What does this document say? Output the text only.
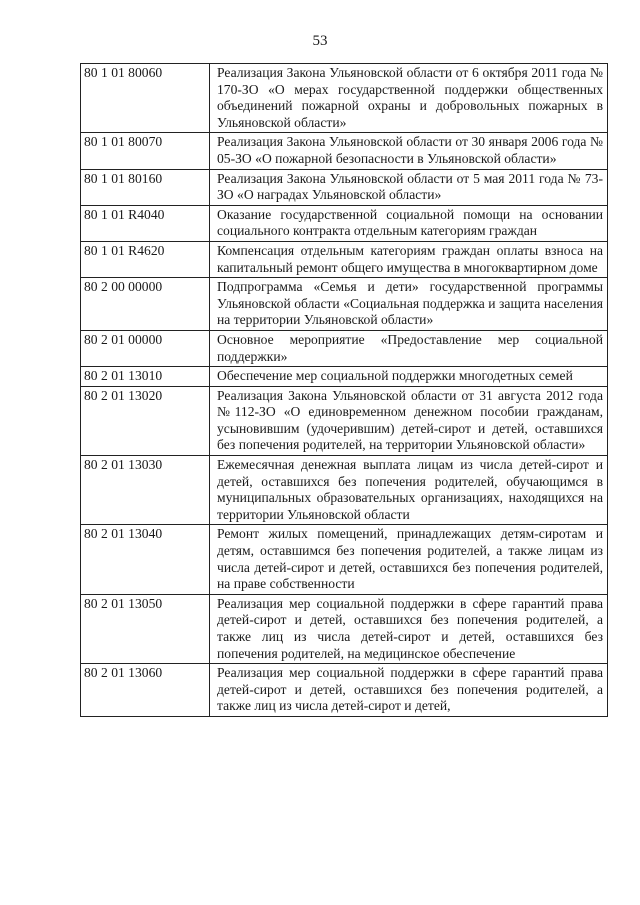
53
80 1 01 80060	Реализация Закона Ульяновской области от 6 октября 2011 года № 170-ЗО «О мерах государственной поддержки общественных объединений пожарной охраны и добровольных пожарных в Ульяновской области»
80 1 01 80070	Реализация Закона Ульяновской области от 30 января 2006 года № 05-ЗО «О пожарной безопасности в Ульяновской области»
80 1 01 80160	Реализация Закона Ульяновской области от 5 мая 2011 года № 73-ЗО «О наградах Ульяновской области»
80 1 01 R4040	Оказание государственной социальной помощи на основании социального контракта отдельным категориям граждан
80 1 01 R4620	Компенсация отдельным категориям граждан оплаты взноса на капитальный ремонт общего имущества в многоквартирном доме
80 2 00 00000	Подпрограмма «Семья и дети» государственной программы Ульяновской области «Социальная поддержка и защита населения на территории Ульяновской области»
80 2 01 00000	Основное мероприятие «Предоставление мер социальной поддержки»
80 2 01 13010	Обеспечение мер социальной поддержки многодетных семей
80 2 01 13020	Реализация Закона Ульяновской области от 31 августа 2012 года №112-ЗО «О единовременном денежном пособии гражданам, усыновившим (удочерившим) детей-сирот и детей, оставшихся без попечения родителей, на территории Ульяновской области»
80 2 01 13030	Ежемесячная денежная выплата лицам из числа детей-сирот и детей, оставшихся без попечения родителей, обучающимся в муниципальных образовательных организациях, находящихся на территории Ульяновской области
80 2 01 13040	Ремонт жилых помещений, принадлежащих детям-сиротам и детям, оставшимся без попечения родителей, а также лицам из числа детей-сирот и детей, оставшихся без попечения родителей, на праве собственности
80 2 01 13050	Реализация мер социальной поддержки в сфере гарантий права детей-сирот и детей, оставшихся без попечения родителей, а также лиц из числа детей-сирот и детей, оставшихся без попечения родителей, на медицинское обеспечение
80 2 01 13060	Реализация мер социальной поддержки в сфере гарантий права детей-сирот и детей, оставшихся без попечения родителей, а также лиц из числа детей-сирот и детей,
